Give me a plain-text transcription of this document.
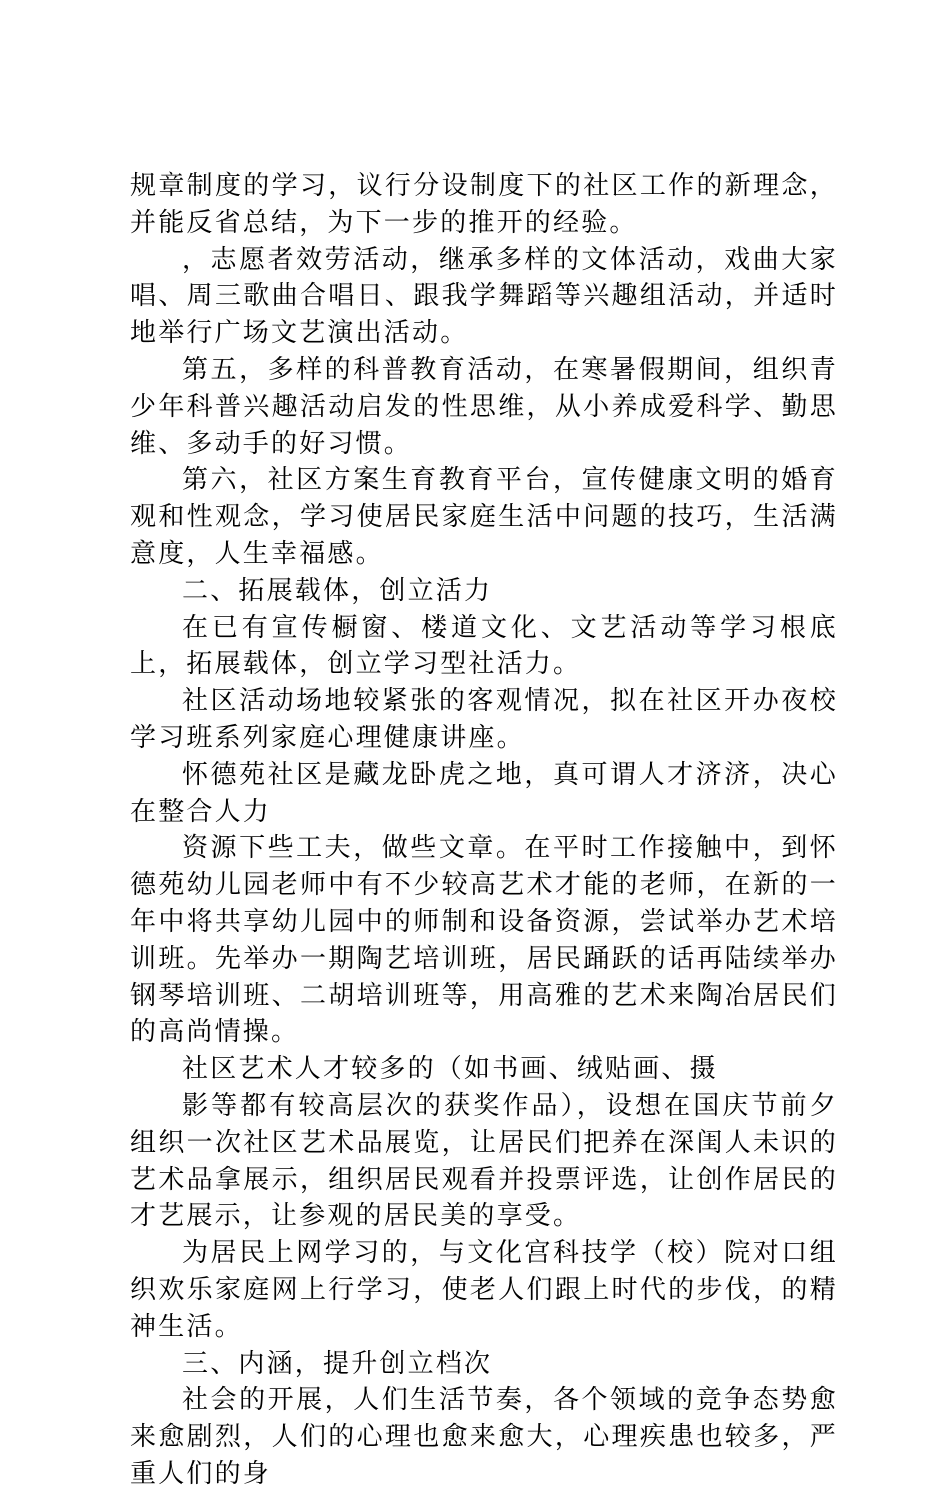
规章制度的学习，议行分设制度下的社区工作的新理念，并能反省总结，为下一步的推开的经验。

，志愿者效劳活动，继承多样的文体活动，戏曲大家唱、周三歌曲合唱日、跟我学舞蹈等兴趣组活动，并适时地举行广场文艺演出活动。

第五，多样的科普教育活动，在寒暑假期间，组织青少年科普兴趣活动启发的性思维，从小养成爱科学、勤思维、多动手的好习惯。

第六，社区方案生育教育平台，宣传健康文明的婚育观和性观念，学习使居民家庭生活中问题的技巧，生活满意度，人生幸福感。

二、拓展载体，创立活力

在已有宣传橱窗、楼道文化、文艺活动等学习根底上，拓展载体，创立学习型社活力。

社区活动场地较紧张的客观情况，拟在社区开办夜校学习班系列家庭心理健康讲座。

怀德苑社区是藏龙卧虎之地，真可谓人才济济，决心在整合人力

资源下些工夫，做些文章。在平时工作接触中，到怀德苑幼儿园老师中有不少较高艺术才能的老师，在新的一年中将共享幼儿园中的师制和设备资源，尝试举办艺术培训班。先举办一期陶艺培训班，居民踊跃的话再陆续举办钢琴培训班、二胡培训班等，用高雅的艺术来陶冶居民们的高尚情操。

社区艺术人才较多的（如书画、绒贴画、摄

影等都有较高层次的获奖作品），设想在国庆节前夕组织一次社区艺术品展览，让居民们把养在深闺人未识的艺术品拿展示，组织居民观看并投票评选，让创作居民的才艺展示，让参观的居民美的享受。

为居民上网学习的，与文化宫科技学（校）院对口组织欢乐家庭网上行学习，使老人们跟上时代的步伐，的精神生活。

三、内涵，提升创立档次

社会的开展，人们生活节奏，各个领域的竞争态势愈来愈剧烈，人们的心理也愈来愈大，心理疾患也较多，严重人们的身
